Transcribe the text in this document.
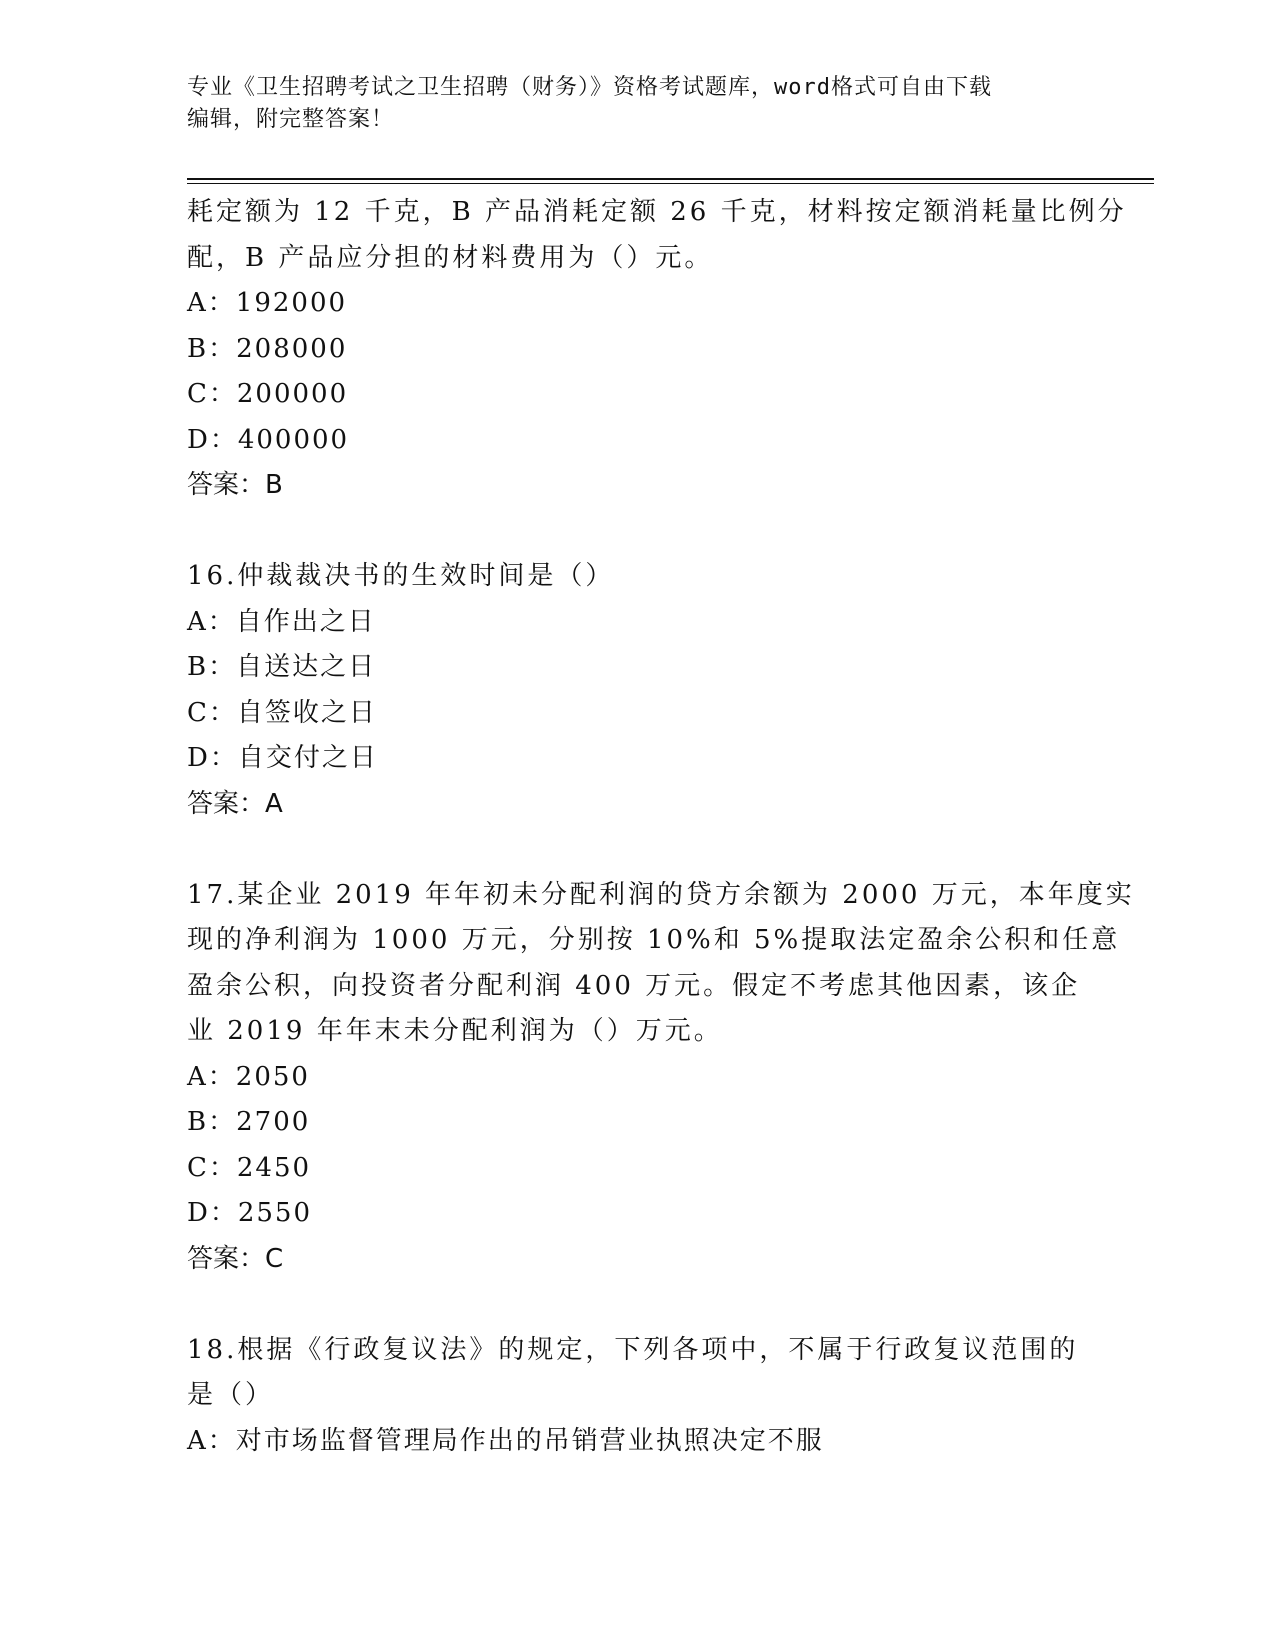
专业《卫生招聘考试之卫生招聘（财务）》资格考试题库，word格式可自由下载
编辑，附完整答案！

耗定额为 12 千克，B 产品消耗定额 26 千克，材料按定额消耗量比例分

配，B 产品应分担的材料费用为（）元。

A：192000

B：208000

C：200000

D：400000

答案：B

16.仲裁裁决书的生效时间是（）

A：自作出之日

B：自送达之日

C：自签收之日

D：自交付之日

答案：A

17.某企业 2019 年年初未分配利润的贷方余额为 2000 万元，本年度实

现的净利润为 1000 万元，分别按 10%和 5%提取法定盈余公积和任意

盈余公积，向投资者分配利润 400 万元。假定不考虑其他因素，该企

业 2019 年年末未分配利润为（）万元。

A：2050

B：2700

C：2450

D：2550

答案：C

18.根据《行政复议法》的规定，下列各项中，不属于行政复议范围的

是（）

A：对市场监督管理局作出的吊销营业执照决定不服
